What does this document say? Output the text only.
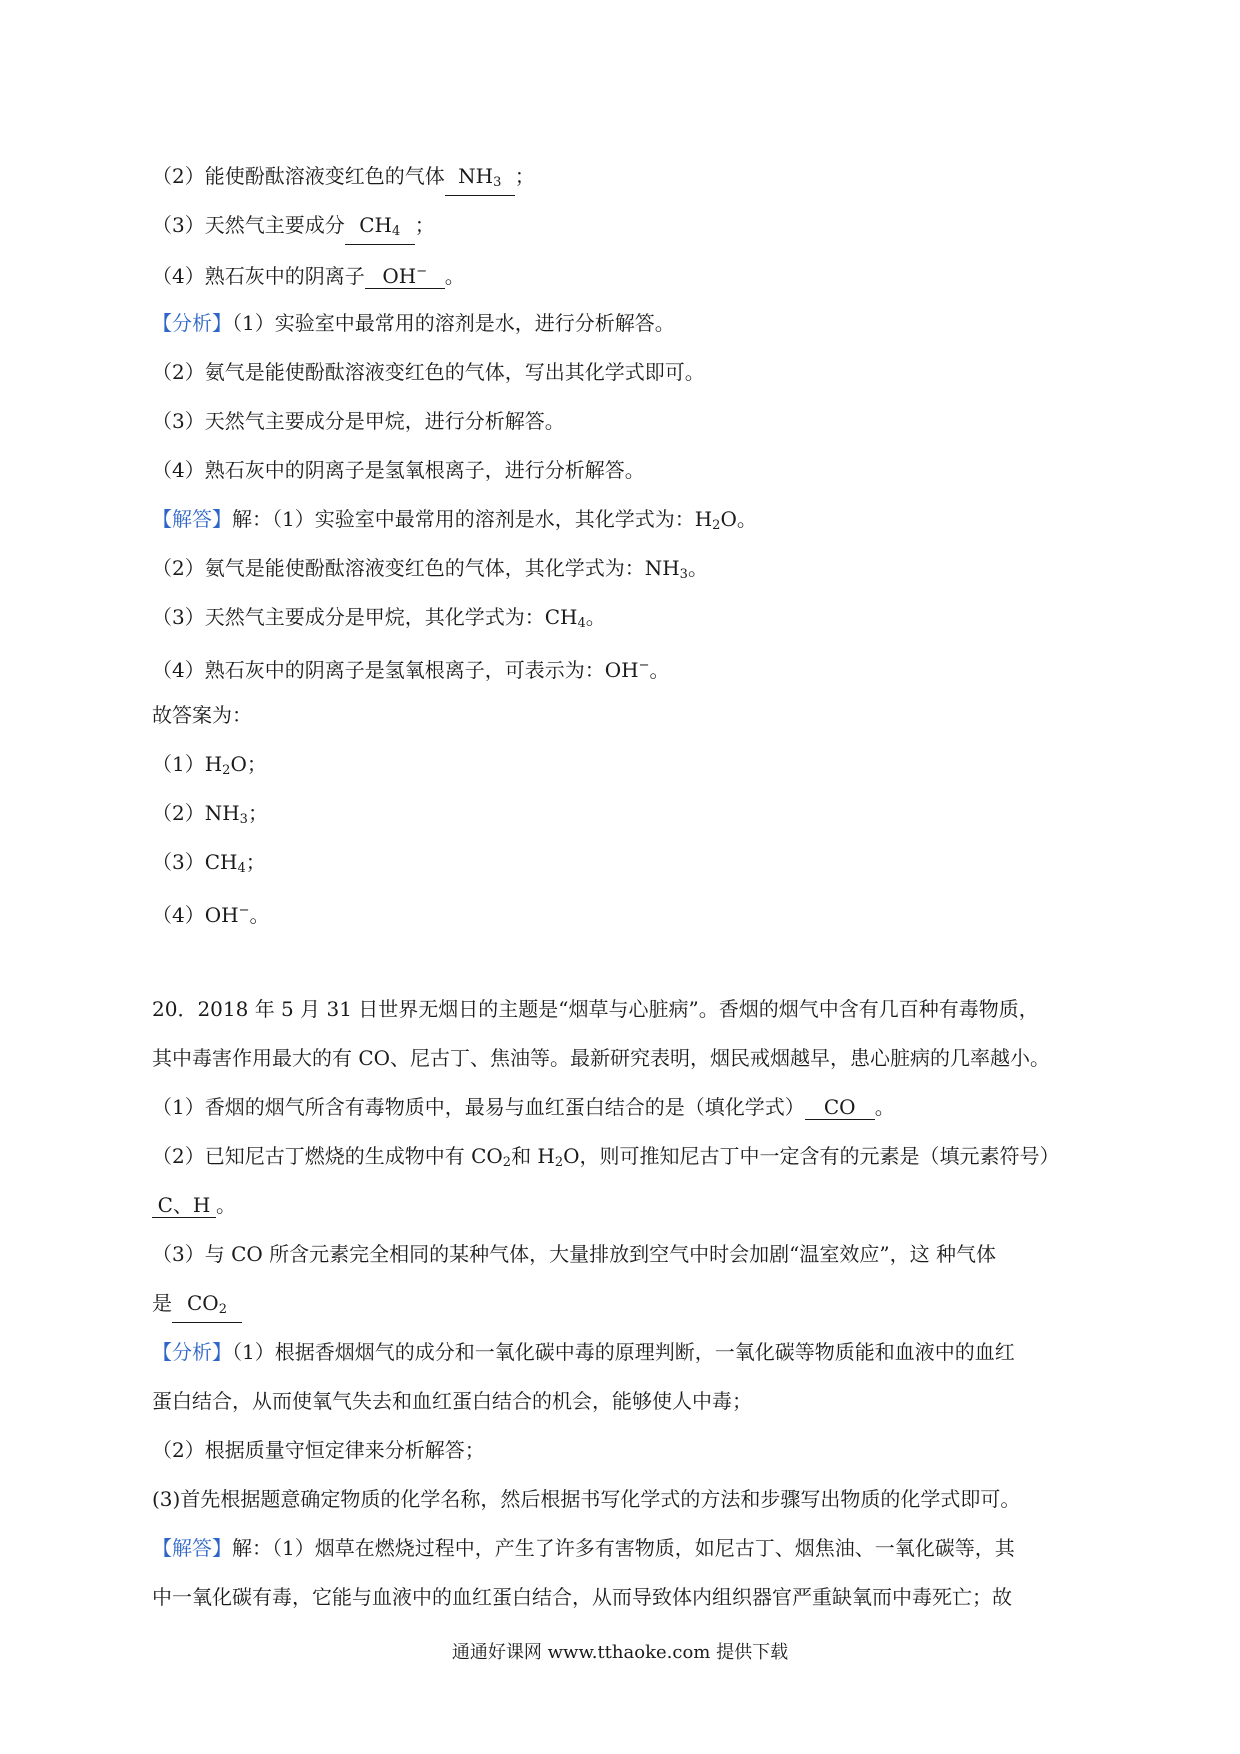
（2）能使酚酞溶液变红色的气体 $NH_3$ ；
（3）天然气主要成分 $CH_4$ ；
（4）熟石灰中的阴离子 OH− 。
【分析】（1）实验室中最常用的溶剂是水，进行分析解答。
（2）氨气是能使酚酞溶液变红色的气体，写出其化学式即可。
（3）天然气主要成分是甲烷，进行分析解答。
（4）熟石灰中的阴离子是氢氧根离子，进行分析解答。
【解答】解：（1）实验室中最常用的溶剂是水，其化学式为：$H_2O$。
（2）氨气是能使酚酞溶液变红色的气体，其化学式为：$NH_3$。
（3）天然气主要成分是甲烷，其化学式为：$CH_4$。
（4）熟石灰中的阴离子是氢氧根离子，可表示为：OH−。
故答案为：
$(1)H_2O$；
$(2)NH_3$；
$(3)CH_4$；
（4）OH−。
20．2018 年 5 月 31 日世界无烟日的主题是“烟草与心脏病”。香烟的烟气中含有几百种有毒物质，
其中毒害作用最大的有 CO、尼古丁、焦油等。最新研究表明，烟民戒烟越早，患心脏病的几率越小。
（1）香烟的烟气所含有毒物质中，最易与血红蛋白结合的是（填化学式） CO 。
（2）已知尼古丁燃烧的生成物中有 $CO_2$和 $H_2O$，则可推知尼古丁中一定含有的元素是（填元素符号）
C、H 。
（3）与 CO 所含元素完全相同的某种气体，大量排放到空气中时会加剧“温室效应”，这 种气体
是 $CO_2$
【分析】（1）根据香烟烟气的成分和一氧化碳中毒的原理判断，一氧化碳等物质能和血液中的血红
蛋白结合，从而使氧气失去和血红蛋白结合的机会，能够使人中毒；
（2）根据质量守恒定律来分析解答；
(3)首先根据题意确定物质的化学名称，然后根据书写化学式的方法和步骤写出物质的化学式即可。
【解答】解：（1）烟草在燃烧过程中，产生了许多有害物质，如尼古丁、烟焦油、一氧化碳等，其
中一氧化碳有毒，它能与血液中的血红蛋白结合，从而导致体内组织器官严重缺氧而中毒死亡；故
通通好课网 www.tthaoke.com 提供下载
